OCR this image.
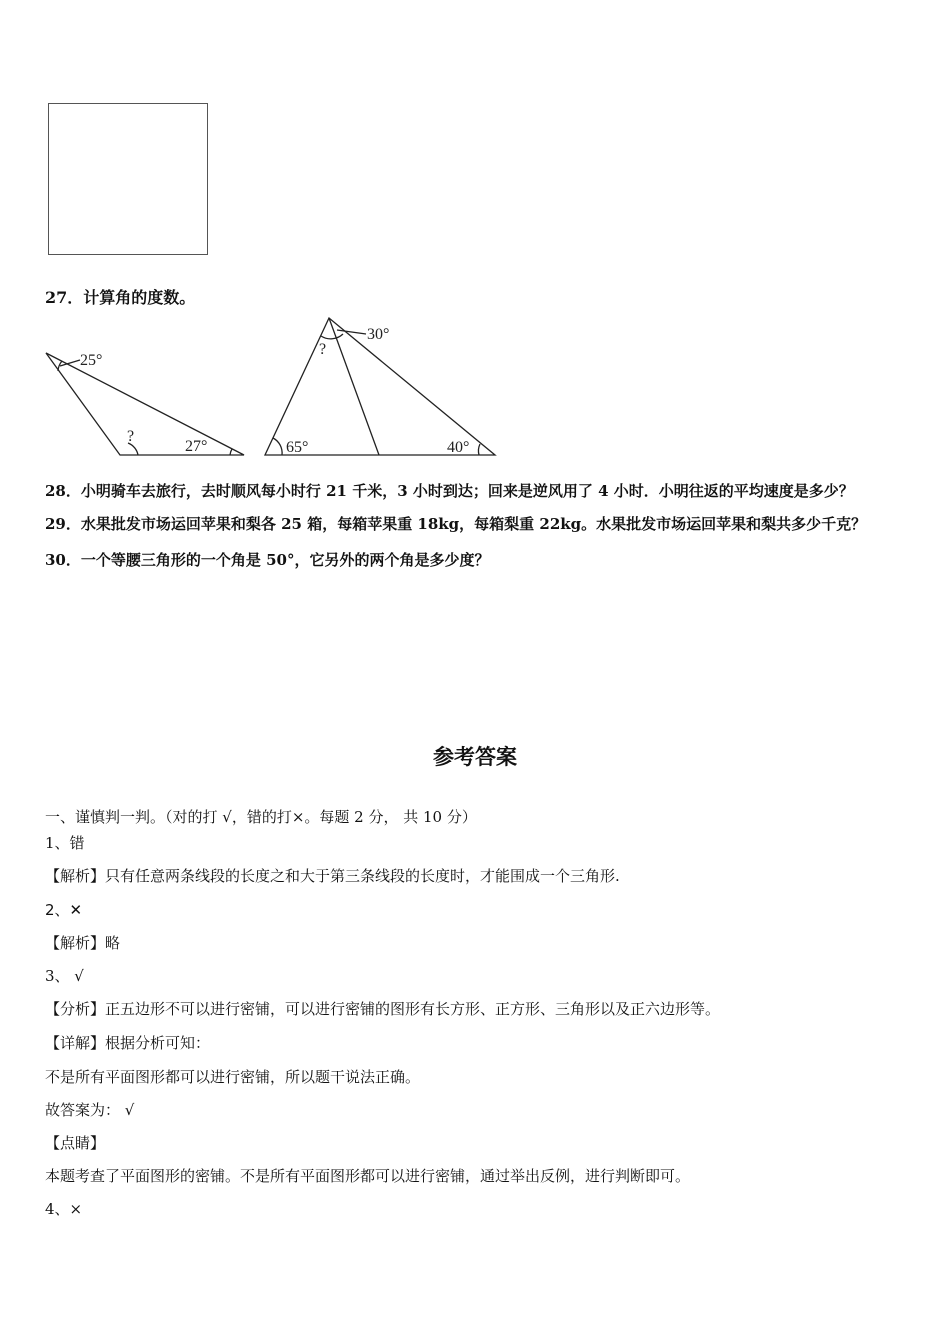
27．计算角的度数。
25°
?
27°
30°
?
65°	40°
28．小明骑车去旅行，去时顺风每小时行 21 千米，3 小时到达；回来是逆风用了 4 小时．小明往返的平均速度是多少？
29．水果批发市场运回苹果和梨各 25 箱，每箱苹果重 18kg，每箱梨重 22kg。水果批发市场运回苹果和梨共多少千克？
30．一个等腰三角形的一个角是 50°，它另外的两个角是多少度？
参考答案
一、谨慎判一判。（对的打 √，错的打×。每题 2 分， 共 10 分）
1、错
【解析】只有任意两条线段的长度之和大于第三条线段的长度时，才能围成一个三角形.
2、✕
【解析】略
3、 √
【分析】正五边形不可以进行密铺，可以进行密铺的图形有长方形、正方形、三角形以及正六边形等。
【详解】根据分析可知：
不是所有平面图形都可以进行密铺，所以题干说法正确。
故答案为： √
【点睛】
本题考查了平面图形的密铺。不是所有平面图形都可以进行密铺，通过举出反例，进行判断即可。
4、×
